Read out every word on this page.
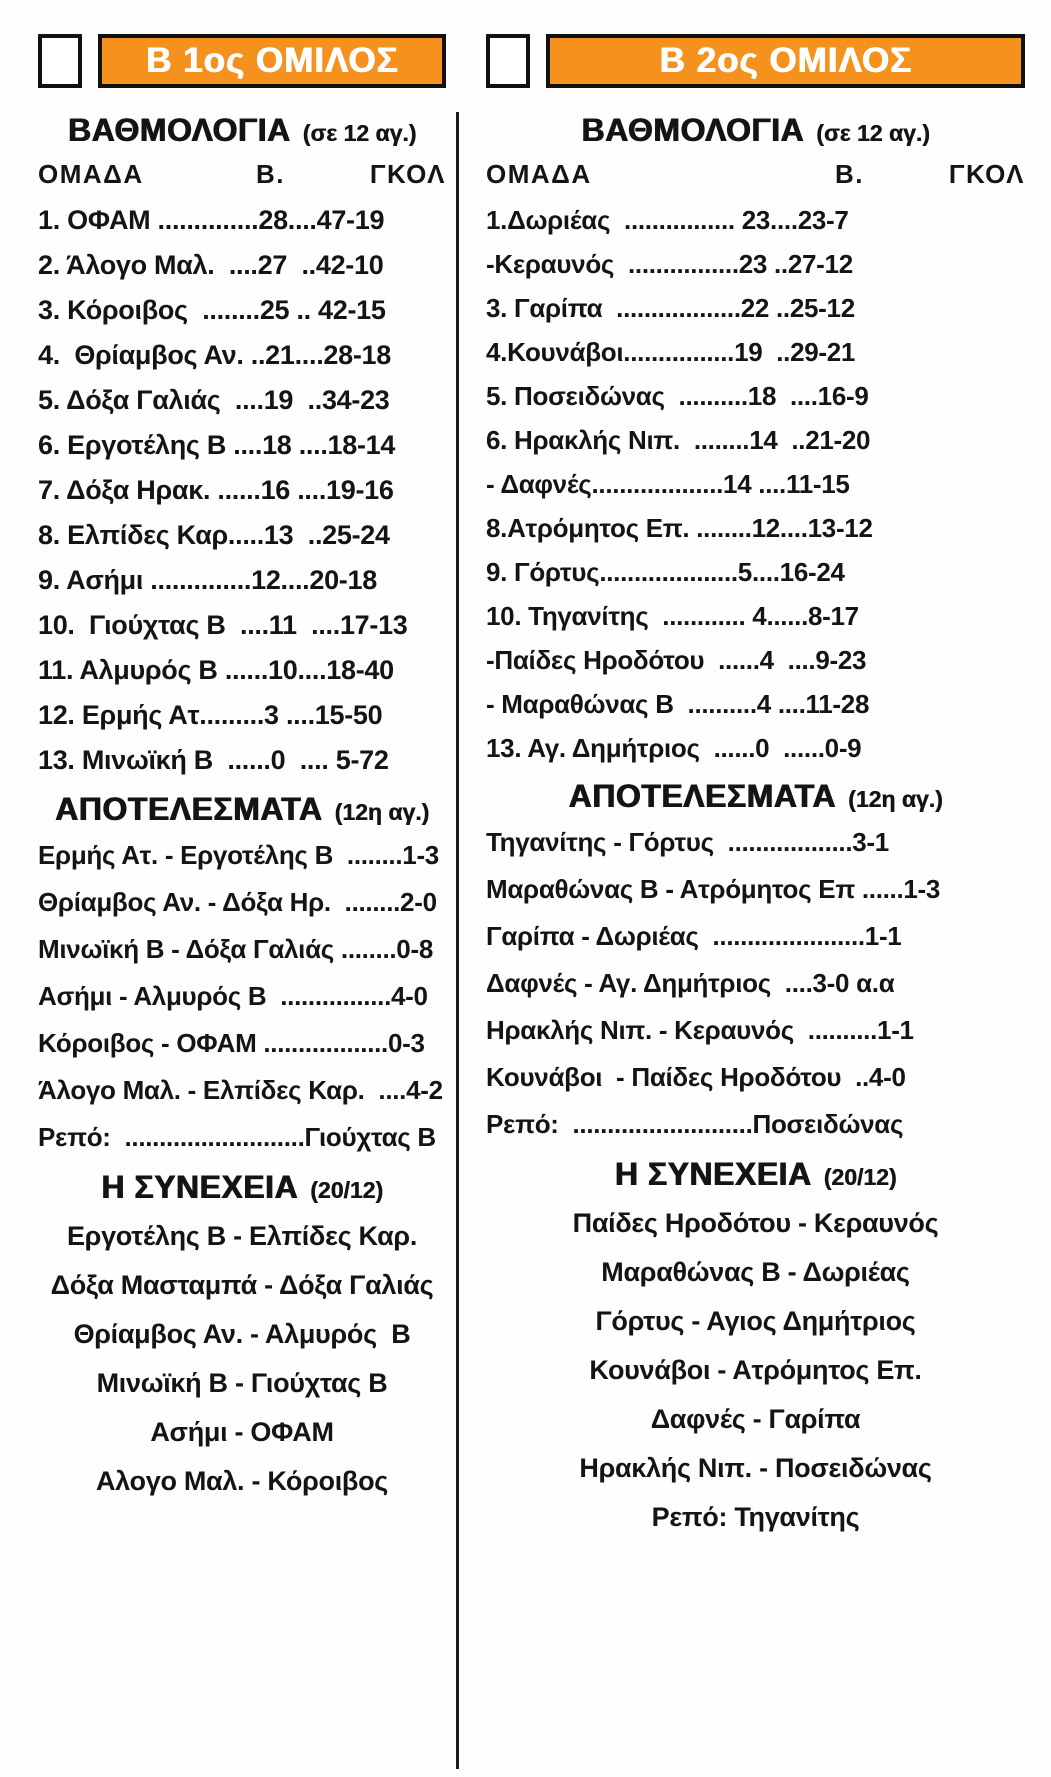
Β 1ος ΟΜΙΛΟΣ
ΒΑΘΜΟΛΟΓΙΑ (σε 12 αγ.)
ΟΜΑΔΑ	Β.	ΓΚΟΛ
1. ΟΦΑΜ ..............28....47-19
2. Άλογο Μαλ.  ....27  ..42-10
3. Κόροιβος  ........25 .. 42-15
4.  Θρίαμβος Αν. ..21....28-18
5. Δόξα Γαλιάς  ....19  ..34-23
6. Εργοτέλης Β ....18 ....18-14
7. Δόξα Ηρακ. ......16 ....19-16
8. Ελπίδες Καρ.....13  ..25-24
9. Ασήμι ..............12....20-18
10.  Γιούχτας Β  ....11  ....17-13
11. Αλμυρός Β ......10....18-40
12. Ερμής Ατ.........3 ....15-50
13. Μινωϊκή Β  ......0  .... 5-72
ΑΠΟΤΕΛΕΣΜΑΤΑ (12η αγ.)
Ερμής Ατ. - Εργοτέλης Β  ........1-3
Θρίαμβος Αν. - Δόξα Ηρ.  ........2-0
Μινωϊκή Β - Δόξα Γαλιάς ........0-8
Ασήμι - Αλμυρός Β  ................4-0
Κόροιβος - ΟΦΑΜ ..................0-3
Άλογο Μαλ. - Ελπίδες Καρ.  ....4-2
Ρεπό:  ..........................Γιούχτας Β
Η ΣΥΝΕΧΕΙΑ (20/12)
Εργοτέλης Β - Ελπίδες Καρ.
Δόξα Μασταμπά - Δόξα Γαλιάς
Θρίαμβος Αν. - Αλμυρός  Β
Μινωϊκή Β - Γιούχτας Β
Ασήμι - ΟΦΑΜ
Αλογο Μαλ. - Κόροιβος
Β 2ος ΟΜΙΛΟΣ
ΒΑΘΜΟΛΟΓΙΑ (σε 12 αγ.)
ΟΜΑΔΑ	Β.	ΓΚΟΛ
1.Δωριέας  ................ 23....23-7
-Κεραυνός  ................23 ..27-12
3. Γαρίπα  ..................22 ..25-12
4.Κουνάβοι................19  ..29-21
5. Ποσειδώνας  ..........18  ....16-9
6. Ηρακλής Νιπ.  ........14  ..21-20
- Δαφνές...................14 ....11-15
8.Ατρόμητος Επ. ........12....13-12
9. Γόρτυς....................5....16-24
10. Τηγανίτης  ............ 4......8-17
-Παίδες Ηροδότου  ......4  ....9-23
- Μαραθώνας Β  ..........4 ....11-28
13. Αγ. Δημήτριος  ......0  ......0-9
ΑΠΟΤΕΛΕΣΜΑΤΑ (12η αγ.)
Τηγανίτης - Γόρτυς  ..................3-1
Μαραθώνας Β - Ατρόμητος Επ ......1-3
Γαρίπα - Δωριέας  ......................1-1
Δαφνές - Αγ. Δημήτριος  ....3-0 α.α
Ηρακλής Νιπ. - Κεραυνός  ..........1-1
Κουνάβοι  - Παίδες Ηροδότου  ..4-0
Ρεπό:  ..........................Ποσειδώνας
Η ΣΥΝΕΧΕΙΑ (20/12)
Παίδες Ηροδότου - Κεραυνός
Μαραθώνας Β - Δωριέας
Γόρτυς - Αγιος Δημήτριος
Κουνάβοι - Ατρόμητος Επ.
Δαφνές - Γαρίπα
Ηρακλής Νιπ. - Ποσειδώνας
Ρεπό: Τηγανίτης
